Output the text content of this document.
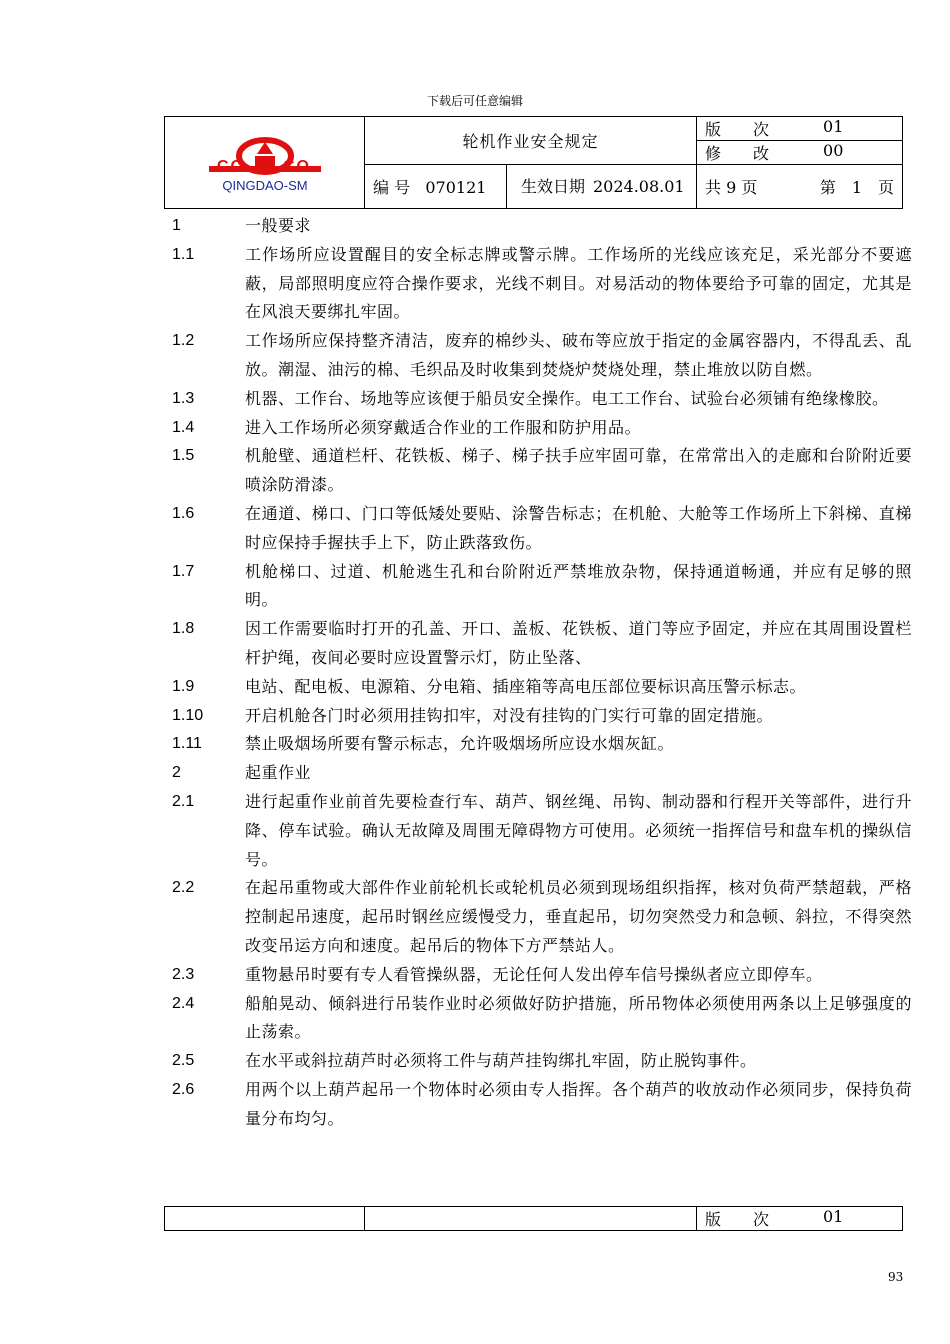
下载后可任意编辑
CO CO
QINGDAO-SM	轮机作业安全规定		版　　次 01

			修　　改 00

	编 号 070121	生效日期 2024.08.01	共 9 页 第　1　页
1	一般要求
1.1	工作场所应设置醒目的安全标志牌或警示牌。工作场所的光线应该充足，采光部分不要遮蔽，局部照明度应符合操作要求，光线不刺目。对易活动的物体要给予可靠的固定，尤其是在风浪天要绑扎牢固。
1.2	工作场所应保持整齐清洁，废弃的棉纱头、破布等应放于指定的金属容器内，不得乱丢、乱放。潮湿、油污的棉、毛织品及时收集到焚烧炉焚烧处理，禁止堆放以防自燃。
1.3	机器、工作台、场地等应该便于船员安全操作。电工工作台、试验台必须铺有绝缘橡胶。
1.4	进入工作场所必须穿戴适合作业的工作服和防护用品。
1.5	机舱壁、通道栏杆、花铁板、梯子、梯子扶手应牢固可靠，在常常出入的走廊和台阶附近要喷涂防滑漆。
1.6	在通道、梯口、门口等低矮处要贴、涂警告标志；在机舱、大舱等工作场所上下斜梯、直梯时应保持手握扶手上下，防止跌落致伤。
1.7	机舱梯口、过道、机舱逃生孔和台阶附近严禁堆放杂物，保持通道畅通，并应有足够的照明。
1.8	因工作需要临时打开的孔盖、开口、盖板、花铁板、道门等应予固定，并应在其周围设置栏杆护绳，夜间必要时应设置警示灯，防止坠落、
1.9	电站、配电板、电源箱、分电箱、插座箱等高电压部位要标识高压警示标志。
1.10	开启机舱各门时必须用挂钩扣牢，对没有挂钩的门实行可靠的固定措施。
1.11	禁止吸烟场所要有警示标志，允许吸烟场所应设水烟灰缸。
2	起重作业
2.1	进行起重作业前首先要检查行车、葫芦、钢丝绳、吊钩、制动器和行程开关等部件，进行升降、停车试验。确认无故障及周围无障碍物方可使用。必须统一指挥信号和盘车机的操纵信号。
2.2	在起吊重物或大部件作业前轮机长或轮机员必须到现场组织指挥，核对负荷严禁超载，严格控制起吊速度，起吊时钢丝应缓慢受力，垂直起吊，切勿突然受力和急顿、斜拉，不得突然改变吊运方向和速度。起吊后的物体下方严禁站人。
2.3	重物悬吊时要有专人看管操纵器，无论任何人发出停车信号操纵者应立即停车。
2.4	船舶晃动、倾斜进行吊装作业时必须做好防护措施，所吊物体必须使用两条以上足够强度的止荡索。
2.5	在水平或斜拉葫芦时必须将工件与葫芦挂钩绑扎牢固，防止脱钩事件。
2.6	用两个以上葫芦起吊一个物体时必须由专人指挥。各个葫芦的收放动作必须同步，保持负荷量分布均匀。

版　　次	01
93
